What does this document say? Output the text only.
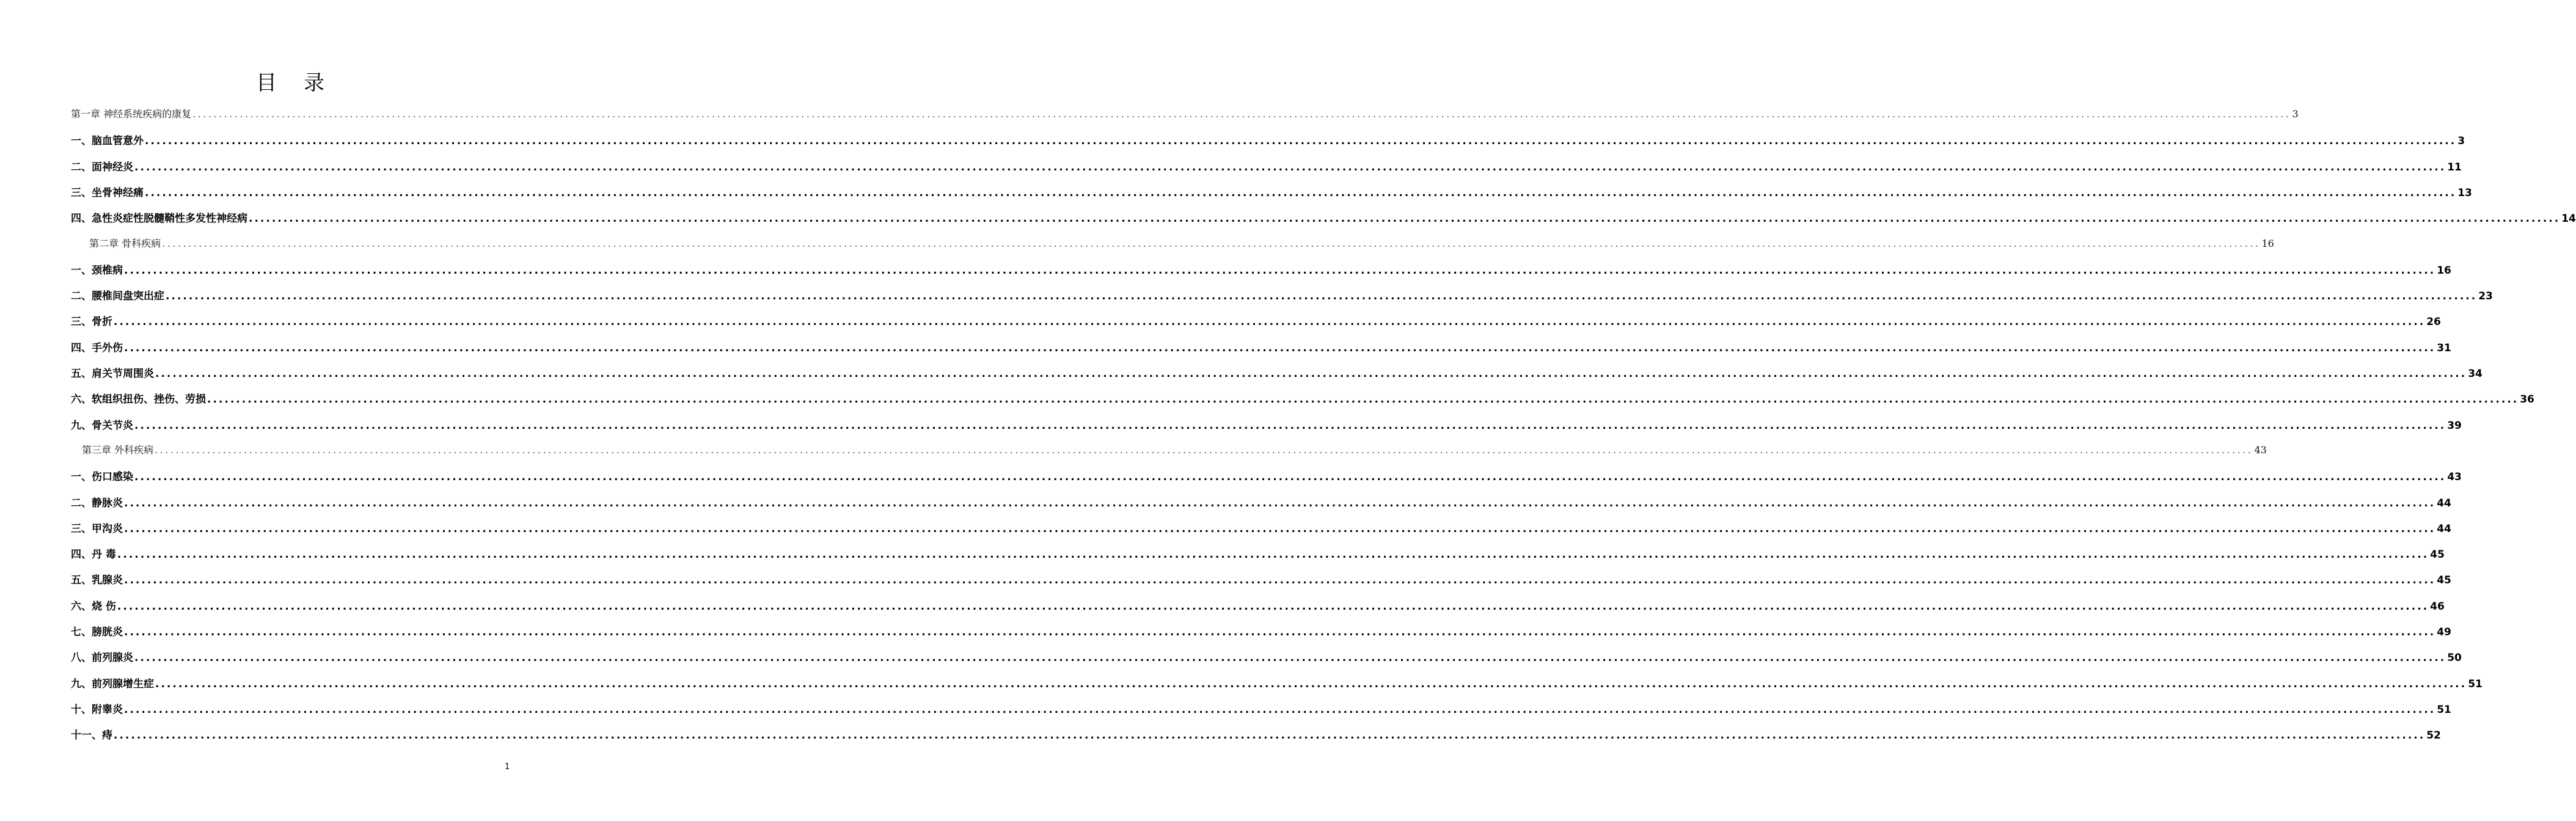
目录
第一章 神经系统疾病的康复 ................................................................................................................................................................................................................................................................................................................................................................................................................ 3
一、脑血管意外 ................................................................................................................................................................................................................................................................................................................................................................................................................ 3
二、面神经炎 ................................................................................................................................................................................................................................................................................................................................................................................................................ 11
三、坐骨神经痛 ................................................................................................................................................................................................................................................................................................................................................................................................................ 13
四、急性炎症性脱髓鞘性多发性神经病 ................................................................................................................................................................................................................................................................................................................................................................................................................ 14
第二章 骨科疾病 ................................................................................................................................................................................................................................................................................................................................................................................................................ 16
一、颈椎病 ................................................................................................................................................................................................................................................................................................................................................................................................................ 16
二、腰椎间盘突出症 ................................................................................................................................................................................................................................................................................................................................................................................................................ 23
三、骨折 ................................................................................................................................................................................................................................................................................................................................................................................................................ 26
四、手外伤 ................................................................................................................................................................................................................................................................................................................................................................................................................ 31
五、肩关节周围炎 ................................................................................................................................................................................................................................................................................................................................................................................................................ 34
六、软组织扭伤、挫伤、劳损 ................................................................................................................................................................................................................................................................................................................................................................................................................ 36
九、骨关节炎 ................................................................................................................................................................................................................................................................................................................................................................................................................ 39
第三章 外科疾病 ................................................................................................................................................................................................................................................................................................................................................................................................................ 43
一、伤口感染 ................................................................................................................................................................................................................................................................................................................................................................................................................ 43
二、静脉炎 ................................................................................................................................................................................................................................................................................................................................................................................................................ 44
三、甲沟炎 ................................................................................................................................................................................................................................................................................................................................................................................................................ 44
四、丹 毒 ................................................................................................................................................................................................................................................................................................................................................................................................................ 45
五、乳腺炎 ................................................................................................................................................................................................................................................................................................................................................................................................................ 45
六、烧 伤 ................................................................................................................................................................................................................................................................................................................................................................................................................ 46
七、膀胱炎 ................................................................................................................................................................................................................................................................................................................................................................................................................ 49
八、前列腺炎 ................................................................................................................................................................................................................................................................................................................................................................................................................ 50
九、前列腺增生症 ................................................................................................................................................................................................................................................................................................................................................................................................................ 51
十、附睾炎 ................................................................................................................................................................................................................................................................................................................................................................................................................ 51
十一、痔 ................................................................................................................................................................................................................................................................................................................................................................................................................ 52
1
